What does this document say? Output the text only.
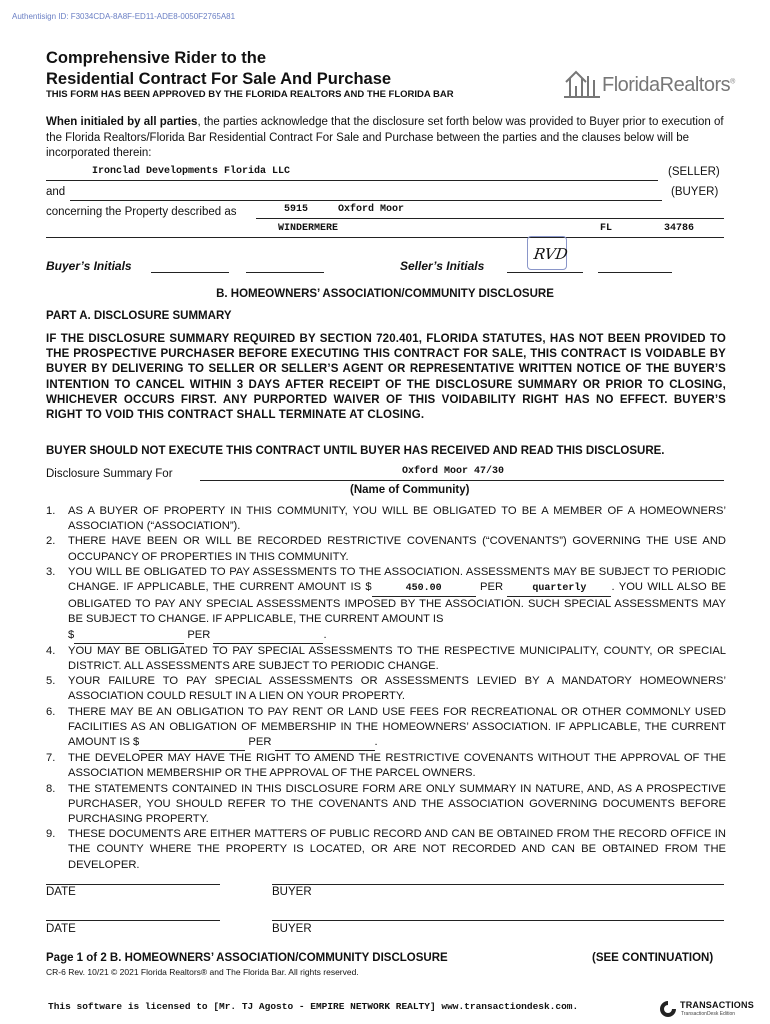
Authentisign ID: F3034CDA-8A8F-ED11-ADE8-0050F2765A81
Comprehensive Rider to the
Residential Contract For Sale And Purchase
THIS FORM HAS BEEN APPROVED BY THE FLORIDA REALTORS AND THE FLORIDA BAR	FloridaRealtors®
When initialed by all parties, the parties acknowledge that the disclosure set forth below was provided to Buyer prior to execution of the Florida Realtors/Florida Bar Residential Contract For Sale and Purchase between the parties and the clauses below will be incorporated therein:
Ironclad Developments Florida LLC	(SELLER)
and	(BUYER)
concerning the Property described as	5915	Oxford Moor
WINDERMERE	FL	34786
Buyer’s Initials	Seller’s Initials
RVD
B. HOMEOWNERS’ ASSOCIATION/COMMUNITY DISCLOSURE
PART A. DISCLOSURE SUMMARY
IF THE DISCLOSURE SUMMARY REQUIRED BY SECTION 720.401, FLORIDA STATUTES, HAS NOT BEEN PROVIDED TO THE PROSPECTIVE PURCHASER BEFORE EXECUTING THIS CONTRACT FOR SALE, THIS CONTRACT IS VOIDABLE BY BUYER BY DELIVERING TO SELLER OR SELLER’S AGENT OR REPRESENTATIVE WRITTEN NOTICE OF THE BUYER’S INTENTION TO CANCEL WITHIN 3 DAYS AFTER RECEIPT OF THE DISCLOSURE SUMMARY OR PRIOR TO CLOSING, WHICHEVER OCCURS FIRST. ANY PURPORTED WAIVER OF THIS VOIDABILITY RIGHT HAS NO EFFECT. BUYER’S RIGHT TO VOID THIS CONTRACT SHALL TERMINATE AT CLOSING.
BUYER SHOULD NOT EXECUTE THIS CONTRACT UNTIL BUYER HAS RECEIVED AND READ THIS DISCLOSURE.
Disclosure Summary For	Oxford Moor 47/30
(Name of Community)
1. AS A BUYER OF PROPERTY IN THIS COMMUNITY, YOU WILL BE OBLIGATED TO BE A MEMBER OF A HOMEOWNERS’ ASSOCIATION (“ASSOCIATION”).
2. THERE HAVE BEEN OR WILL BE RECORDED RESTRICTIVE COVENANTS (“COVENANTS”) GOVERNING THE USE AND OCCUPANCY OF PROPERTIES IN THIS COMMUNITY.
3. YOU WILL BE OBLIGATED TO PAY ASSESSMENTS TO THE ASSOCIATION. ASSESSMENTS MAY BE SUBJECT TO PERIODIC CHANGE. IF APPLICABLE, THE CURRENT AMOUNT IS $	450.00	PER	quarterly . YOU WILL ALSO BE OBLIGATED TO PAY ANY SPECIAL ASSESSMENTS IMPOSED BY THE ASSOCIATION. SUCH SPECIAL ASSESSMENTS MAY BE SUBJECT TO CHANGE. IF APPLICABLE, THE CURRENT AMOUNT IS
$	PER	.
4. YOU MAY BE OBLIGATED TO PAY SPECIAL ASSESSMENTS TO THE RESPECTIVE MUNICIPALITY, COUNTY, OR SPECIAL DISTRICT. ALL ASSESSMENTS ARE SUBJECT TO PERIODIC CHANGE.
5. YOUR FAILURE TO PAY SPECIAL ASSESSMENTS OR ASSESSMENTS LEVIED BY A MANDATORY HOMEOWNERS’ ASSOCIATION COULD RESULT IN A LIEN ON YOUR PROPERTY.
6. THERE MAY BE AN OBLIGATION TO PAY RENT OR LAND USE FEES FOR RECREATIONAL OR OTHER COMMONLY USED FACILITIES AS AN OBLIGATION OF MEMBERSHIP IN THE HOMEOWNERS’ ASSOCIATION. IF APPLICABLE, THE CURRENT AMOUNT IS $	PER	.
7. THE DEVELOPER MAY HAVE THE RIGHT TO AMEND THE RESTRICTIVE COVENANTS WITHOUT THE APPROVAL OF THE ASSOCIATION MEMBERSHIP OR THE APPROVAL OF THE PARCEL OWNERS.
8. THE STATEMENTS CONTAINED IN THIS DISCLOSURE FORM ARE ONLY SUMMARY IN NATURE, AND, AS A PROSPECTIVE PURCHASER, YOU SHOULD REFER TO THE COVENANTS AND THE ASSOCIATION GOVERNING DOCUMENTS BEFORE PURCHASING PROPERTY.
9. THESE DOCUMENTS ARE EITHER MATTERS OF PUBLIC RECORD AND CAN BE OBTAINED FROM THE RECORD OFFICE IN THE COUNTY WHERE THE PROPERTY IS LOCATED, OR ARE NOT RECORDED AND CAN BE OBTAINED FROM THE DEVELOPER.
DATE	BUYER
DATE	BUYER
Page 1 of 2 B. HOMEOWNERS’ ASSOCIATION/COMMUNITY DISCLOSURE	(SEE CONTINUATION)
CR-6 Rev. 10/21 © 2021 Florida Realtors® and The Florida Bar. All rights reserved.
This software is licensed to [Mr. TJ Agosto - EMPIRE NETWORK REALTY] www.transactiondesk.com.	TRANSACTIONS
TransactionDesk Edition
